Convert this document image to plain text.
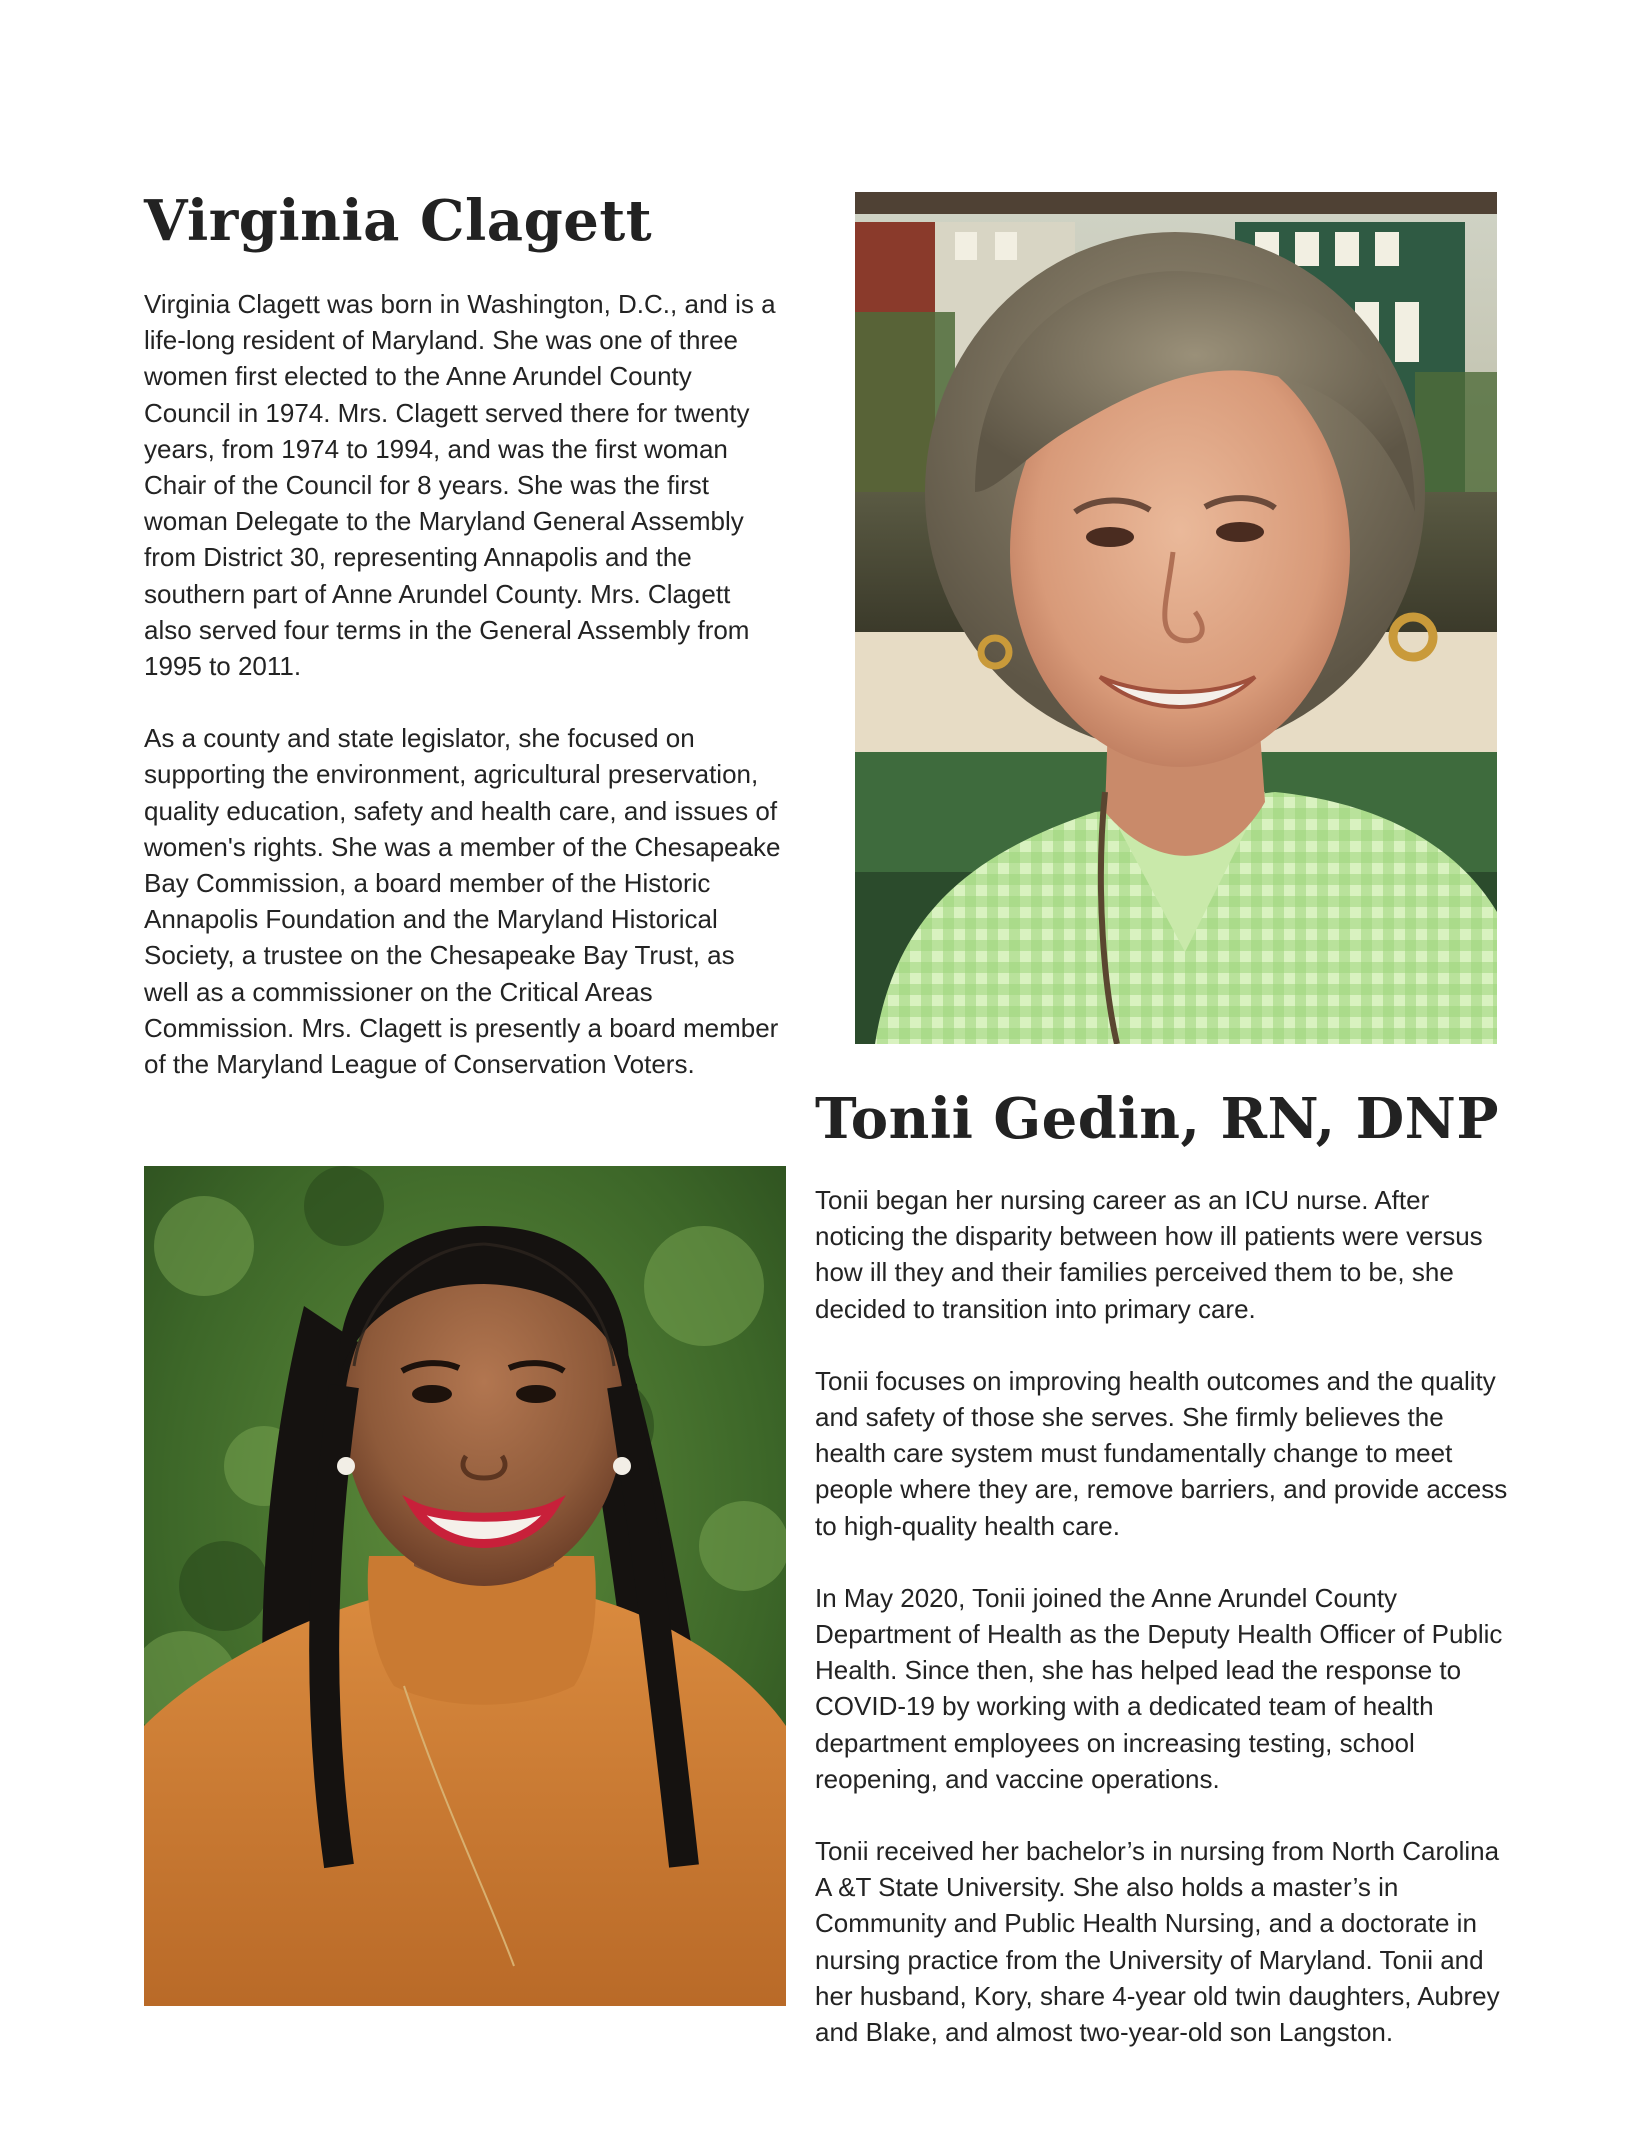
Virginia Clagett

Virginia Clagett was born in Washington, D.C., and is a life-long resident of Maryland. She was one of three women first elected to the Anne Arundel County Council in 1974. Mrs. Clagett served there for twenty years, from 1974 to 1994, and was the first woman Chair of the Council for 8 years. She was the first woman Delegate to the Maryland General Assembly from District 30, representing Annapolis and the southern part of Anne Arundel County. Mrs. Clagett also served four terms in the General Assembly from 1995 to 2011.

As a county and state legislator, she focused on supporting the environment, agricultural preservation, quality education, safety and health care, and issues of women's rights. She was a member of the Chesapeake Bay Commission, a board member of the Historic Annapolis Foundation and the Maryland Historical Society, a trustee on the Chesapeake Bay Trust, as well as a commissioner on the Critical Areas Commission. Mrs. Clagett is presently a board member of the Maryland League of Conservation Voters.

Tonii Gedin, RN, DNP

Tonii began her nursing career as an ICU nurse. After noticing the disparity between how ill patients were versus how ill they and their families perceived them to be, she decided to transition into primary care.

Tonii focuses on improving health outcomes and the quality and safety of those she serves. She firmly believes the health care system must fundamentally change to meet people where they are, remove barriers, and provide access to high-quality health care.

In May 2020, Tonii joined the Anne Arundel County Department of Health as the Deputy Health Officer of Public Health. Since then, she has helped lead the response to COVID-19 by working with a dedicated team of health department employees on increasing testing, school reopening, and vaccine operations.

Tonii received her bachelor’s in nursing from North Carolina A &T State University. She also holds a master’s in Community and Public Health Nursing, and a doctorate in nursing practice from the University of Maryland. Tonii and her husband, Kory, share 4-year old twin daughters, Aubrey and Blake, and almost two-year-old son Langston.
